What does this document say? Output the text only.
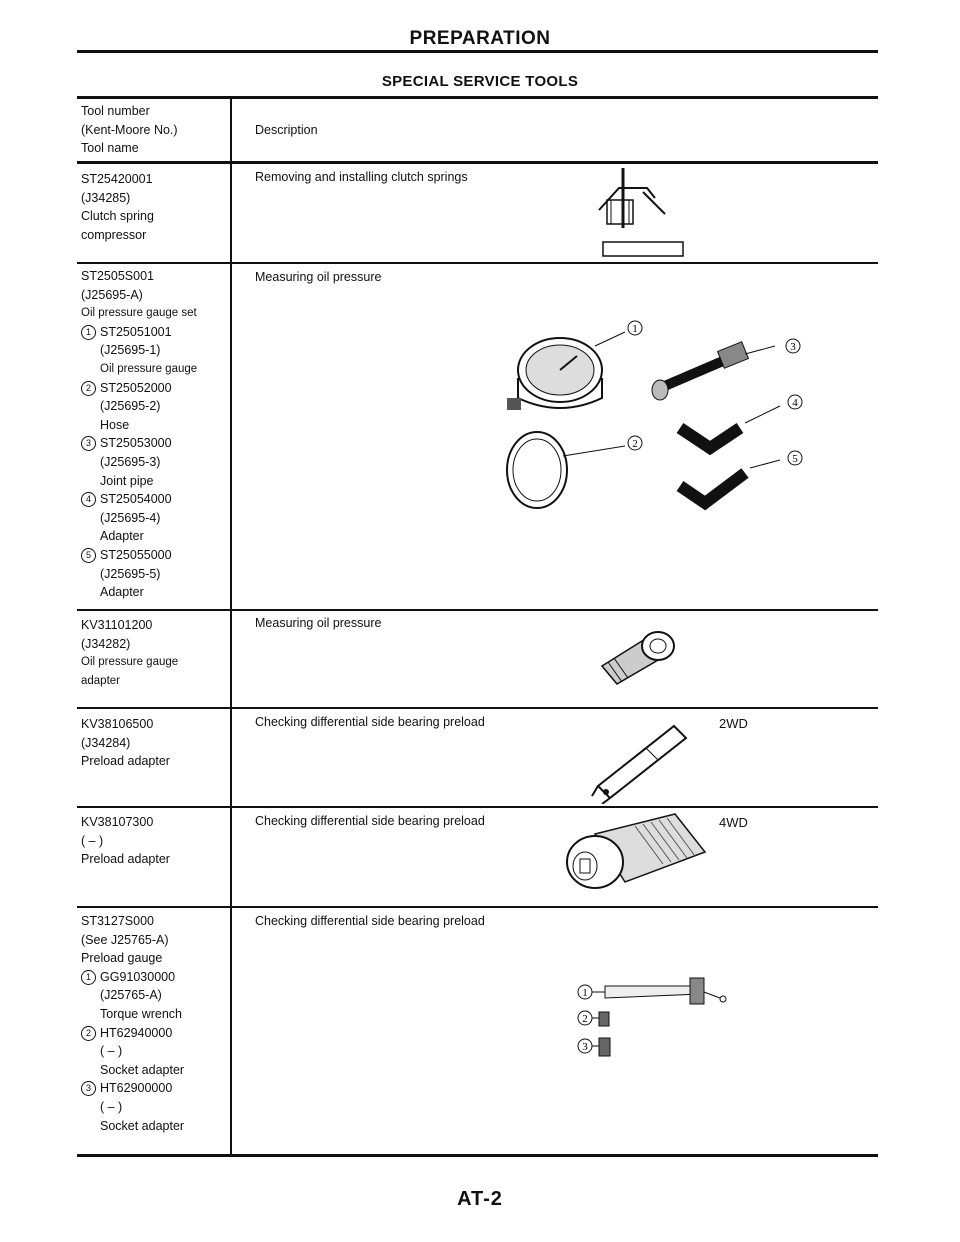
PREPARATION
SPECIAL SERVICE TOOLS
Tool number
(Kent-Moore No.)
Tool name
Description
ST25420001
(J34285)
Clutch spring
compressor
Removing and installing clutch springs
ST2505S001
(J25695-A)
Oil pressure gauge set
1 ST25051001
(J25695-1)
Oil pressure gauge
2 ST25052000
(J25695-2)
Hose
3 ST25053000
(J25695-3)
Joint pipe
4 ST25054000
(J25695-4)
Adapter
5 ST25055000
(J25695-5)
Adapter
Measuring oil pressure
1
2
3
4
5
KV31101200
(J34282)
Oil pressure gauge
adapter
Measuring oil pressure
KV38106500
(J34284)
Preload adapter
Checking differential side bearing preload	2WD
KV38107300
( – )
Preload adapter
Checking differential side bearing preload	4WD
ST3127S000
(See J25765-A)
Preload gauge
1 GG91030000
(J25765-A)
Torque wrench
2 HT62940000
( – )
Socket adapter
3 HT62900000
( – )
Socket adapter
Checking differential side bearing preload
1
2
3
AT-2
